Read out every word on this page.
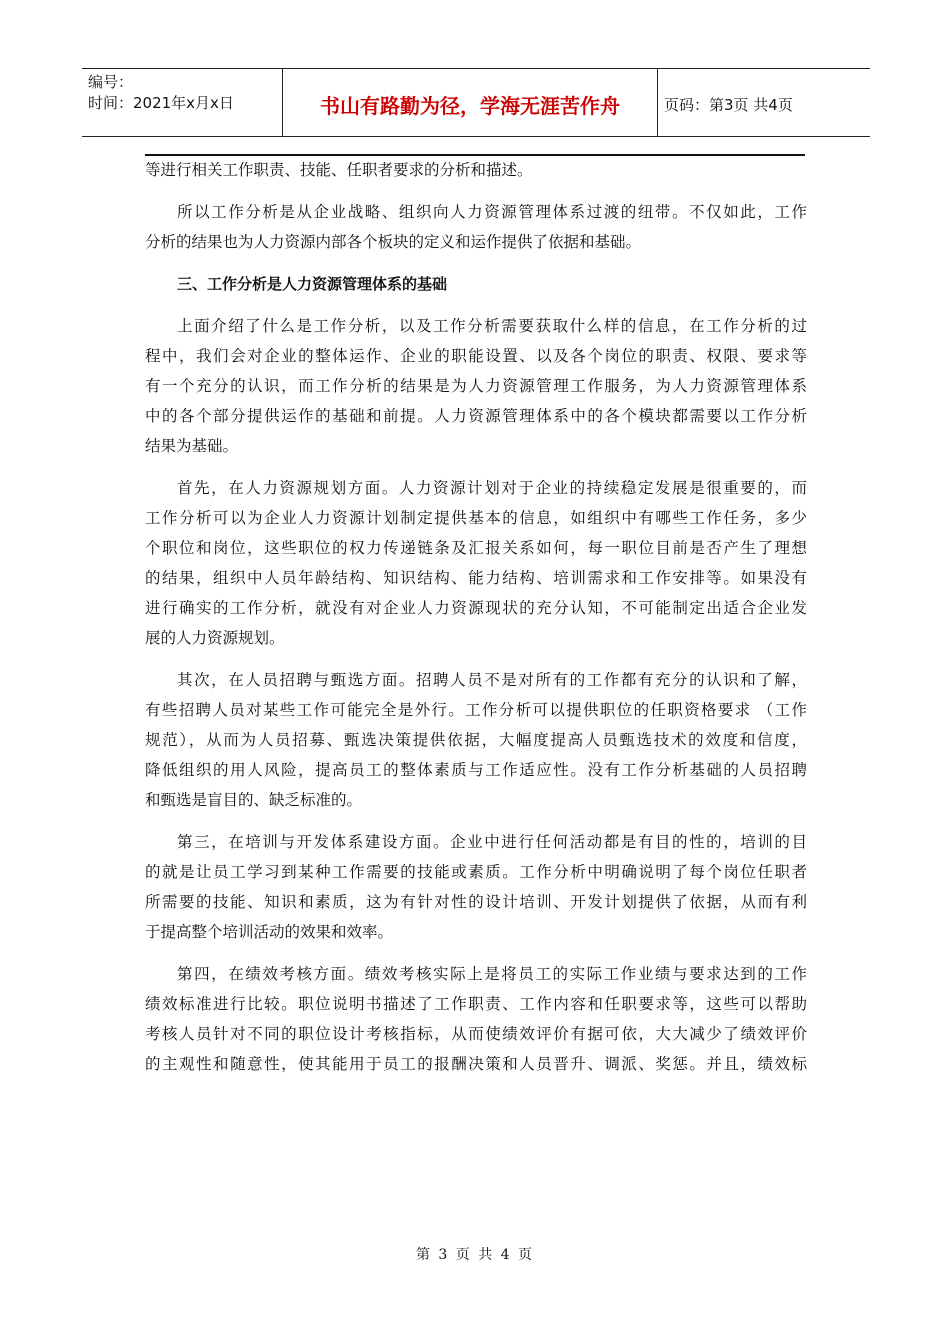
编号：
时间：2021年x月x日	书山有路勤为径，学海无涯苦作舟	页码：第3页 共4页
等进行相关工作职责、技能、任职者要求的分析和描述。
所以工作分析是从企业战略、组织向人力资源管理体系过渡的纽带。不仅如此，工作
分析的结果也为人力资源内部各个板块的定义和运作提供了依据和基础。
三、工作分析是人力资源管理体系的基础
上面介绍了什么是工作分析，以及工作分析需要获取什么样的信息，在工作分析的过
程中，我们会对企业的整体运作、企业的职能设置、以及各个岗位的职责、权限、要求等
有一个充分的认识，而工作分析的结果是为人力资源管理工作服务，为人力资源管理体系
中的各个部分提供运作的基础和前提。人力资源管理体系中的各个模块都需要以工作分析
结果为基础。
首先，在人力资源规划方面。人力资源计划对于企业的持续稳定发展是很重要的，而
工作分析可以为企业人力资源计划制定提供基本的信息，如组织中有哪些工作任务，多少
个职位和岗位，这些职位的权力传递链条及汇报关系如何，每一职位目前是否产生了理想
的结果，组织中人员年龄结构、知识结构、能力结构、培训需求和工作安排等。如果没有
进行确实的工作分析，就没有对企业人力资源现状的充分认知，不可能制定出适合企业发
展的人力资源规划。
其次，在人员招聘与甄选方面。招聘人员不是对所有的工作都有充分的认识和了解，
有些招聘人员对某些工作可能完全是外行。工作分析可以提供职位的任职资格要求 （工作
规范），从而为人员招募、甄选决策提供依据，大幅度提高人员甄选技术的效度和信度，
降低组织的用人风险，提高员工的整体素质与工作适应性。没有工作分析基础的人员招聘
和甄选是盲目的、缺乏标准的。
第三，在培训与开发体系建设方面。企业中进行任何活动都是有目的性的，培训的目
的就是让员工学习到某种工作需要的技能或素质。工作分析中明确说明了每个岗位任职者
所需要的技能、知识和素质，这为有针对性的设计培训、开发计划提供了依据，从而有利
于提高整个培训活动的效果和效率。
第四，在绩效考核方面。绩效考核实际上是将员工的实际工作业绩与要求达到的工作
绩效标准进行比较。职位说明书描述了工作职责、工作内容和任职要求等，这些可以帮助
考核人员针对不同的职位设计考核指标，从而使绩效评价有据可依，大大减少了绩效评价
的主观性和随意性，使其能用于员工的报酬决策和人员晋升、调派、奖惩。并且，绩效标
第 3 页 共 4 页
